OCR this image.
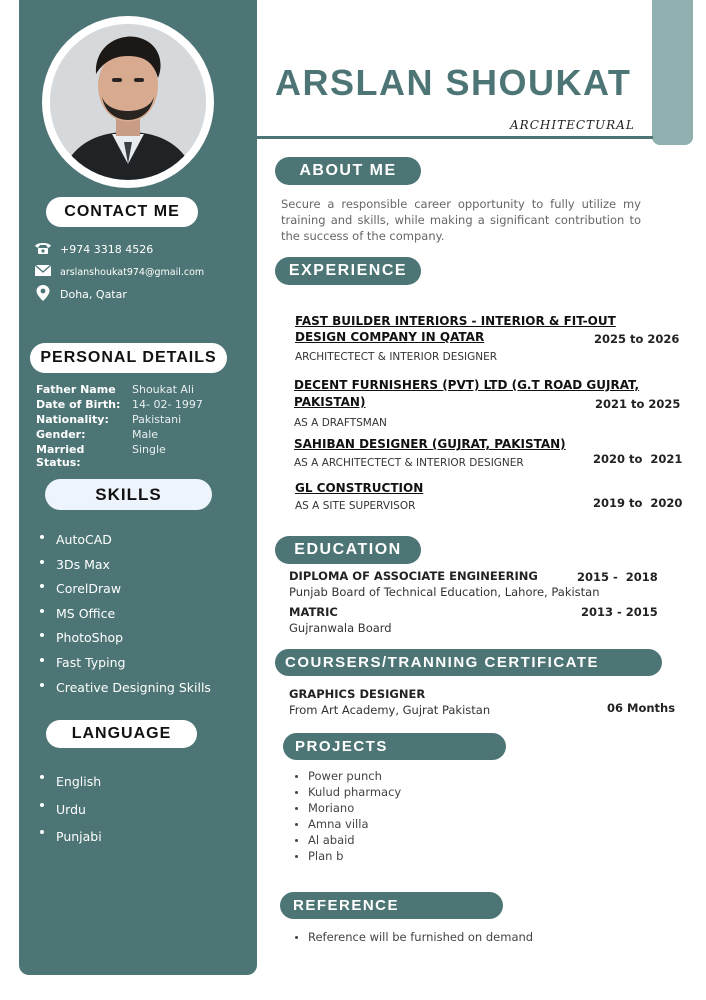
CONTACT ME
+974 3318 4526
arslanshoukat974@gmail.com
Doha, Qatar
PERSONAL DETAILS
Father Name	Shoukat Ali
Date of Birth:	14- 02- 1997
Nationality:	Pakistani
Gender:	Male
Married Status:
Single
SKILLS
AutoCAD
3Ds Max
CorelDraw
MS Office
PhotoShop
Fast Typing
Creative Designing Skills
LANGUAGE
English
Urdu
Punjabi
ARSLAN SHOUKAT
ARCHITECTURAL
ABOUT ME
Secure a responsible career opportunity to fully utilize my training and skills, while making a significant contribution to the success of the company.
EXPERIENCE
FAST BUILDER INTERIORS - INTERIOR & FIT-OUT
DESIGN COMPANY IN QATAR
ARCHITECTECT & INTERIOR DESIGNER
2025 to 2026
DECENT FURNISHERS (PVT) LTD (G.T ROAD GUJRAT,
PAKISTAN)
AS A DRAFTSMAN
2021 to 2025
SAHIBAN DESIGNER (GUJRAT, PAKISTAN)
AS A ARCHITECTECT & INTERIOR DESIGNER	2020 to  2021
GL CONSTRUCTION
AS A SITE SUPERVISOR	2019 to  2020
EDUCATION
DIPLOMA OF ASSOCIATE ENGINEERING	2015 -  2018
Punjab Board of Technical Education, Lahore, Pakistan
MATRIC	2013 - 2015
Gujranwala Board
COURSERS/TRANNING CERTIFICATE
GRAPHICS DESIGNER
From Art Academy, Gujrat Pakistan	06 Months
PROJECTS
Power punch
Kulud pharmacy
Moriano
Amna villa
Al abaid
Plan b
REFERENCE
Reference will be furnished on demand
